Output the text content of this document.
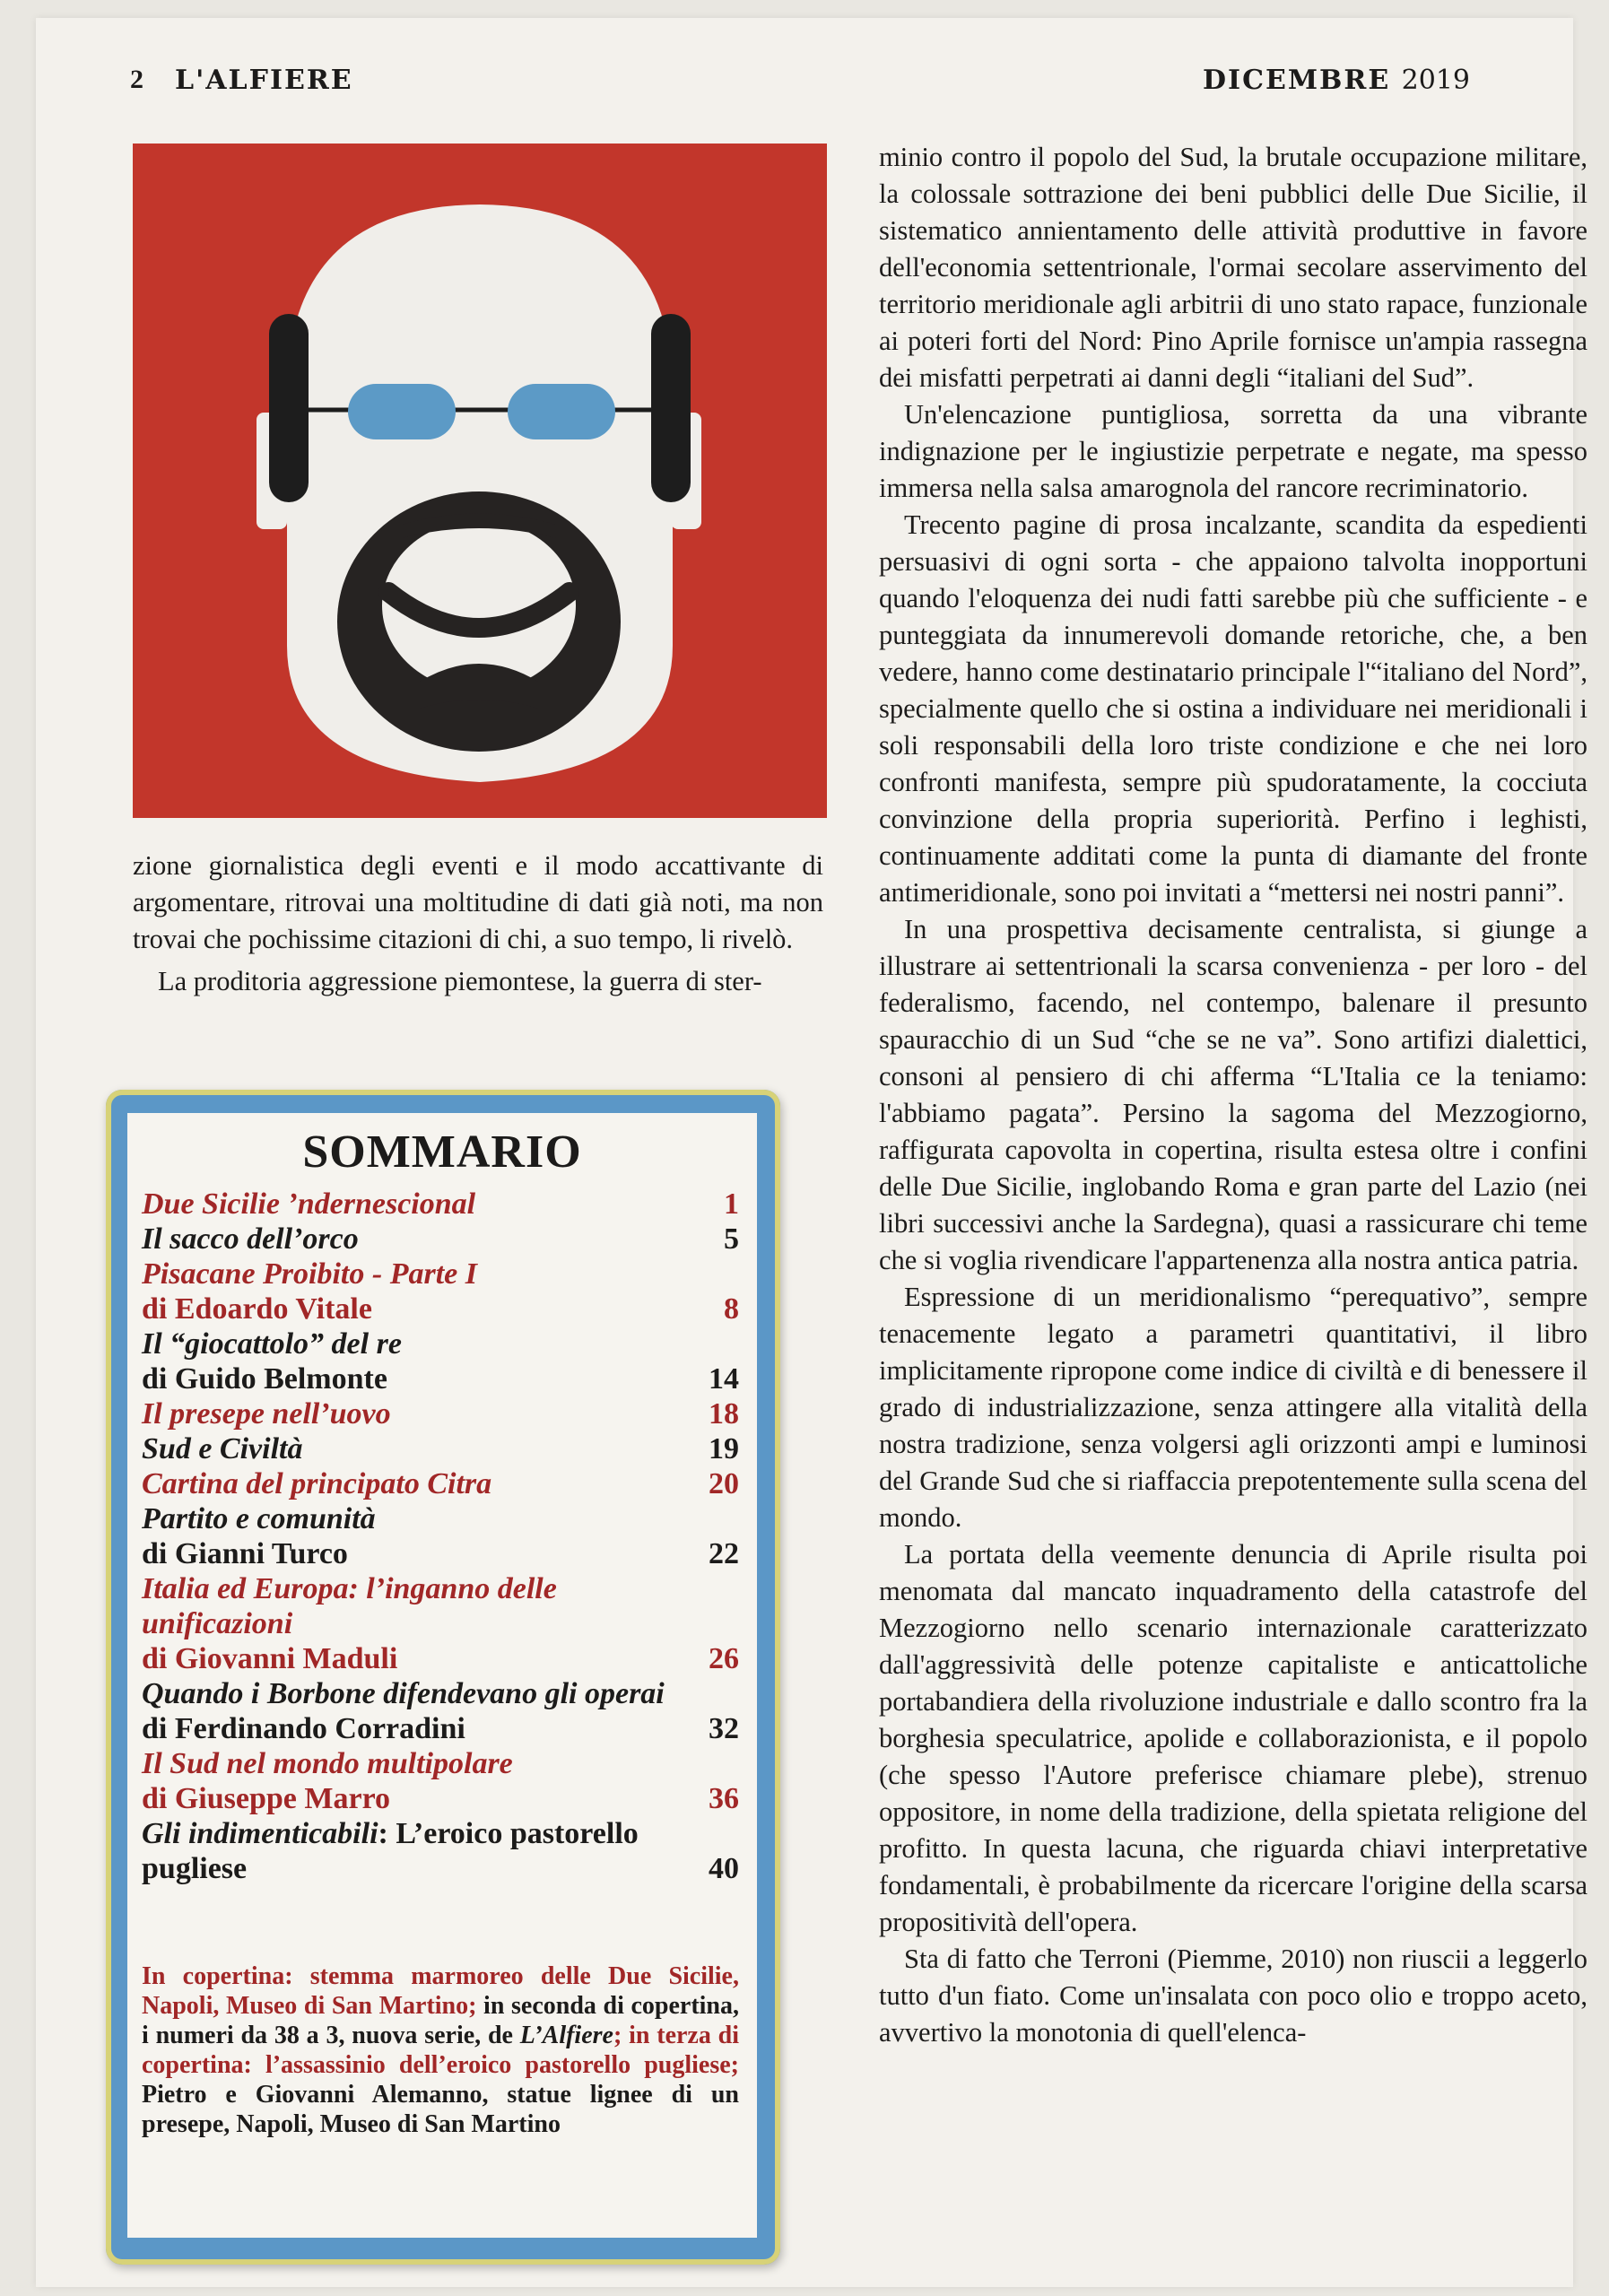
2 L'ALFIERE	DICEMBRE 2019

zione giornalistica degli eventi e il modo accattivante di argomentare, ritrovai una moltitudine di dati già noti, ma non trovai che pochissime citazioni di chi, a suo tempo, li rivelò.

La proditoria aggressione piemontese, la guerra di ster-

minio contro il popolo del Sud, la brutale occupazione militare, la colossale sottrazione dei beni pubblici delle Due Sicilie, il sistematico annientamento delle attività produttive in favore dell'economia settentrionale, l'ormai secolare asservimento del territorio meridionale agli arbitrii di uno stato rapace, funzionale ai poteri forti del Nord: Pino Aprile fornisce un'ampia rassegna dei misfatti perpetrati ai danni degli “italiani del Sud”.

Un'elencazione puntigliosa, sorretta da una vibrante indignazione per le ingiustizie perpetrate e negate, ma spesso immersa nella salsa amarognola del rancore recriminatorio.

Trecento pagine di prosa incalzante, scandita da espedienti persuasivi di ogni sorta - che appaiono talvolta inopportuni quando l'eloquenza dei nudi fatti sarebbe più che sufficiente - e punteggiata da innumerevoli domande retoriche, che, a ben vedere, hanno come destinatario principale l'“italiano del Nord”, specialmente quello che si ostina a individuare nei meridionali i soli responsabili della loro triste condizione e che nei loro confronti manifesta, sempre più spudoratamente, la cocciuta convinzione della propria superiorità. Perfino i leghisti, continuamente additati come la punta di diamante del fronte antimeridionale, sono poi invitati a “mettersi nei nostri panni”.

In una prospettiva decisamente centralista, si giunge a illustrare ai settentrionali la scarsa convenienza - per loro - del federalismo, facendo, nel contempo, balenare il presunto spauracchio di un Sud “che se ne va”. Sono artifizi dialettici, consoni al pensiero di chi afferma “L'Italia ce la teniamo: l'abbiamo pagata”. Persino la sagoma del Mezzogiorno, raffigurata capovolta in copertina, risulta estesa oltre i confini delle Due Sicilie, inglobando Roma e gran parte del Lazio (nei libri successivi anche la Sardegna), quasi a rassicurare chi teme che si voglia rivendicare l'appartenenza alla nostra antica patria.

Espressione di un meridionalismo “perequativo”, sempre tenacemente legato a parametri quantitativi, il libro implicitamente ripropone come indice di civiltà e di benessere il grado di industrializzazione, senza attingere alla vitalità della nostra tradizione, senza volgersi agli orizzonti ampi e luminosi del Grande Sud che si riaffaccia prepotentemente sulla scena del mondo.

La portata della veemente denuncia di Aprile risulta poi menomata dal mancato inquadramento della catastrofe del Mezzogiorno nello scenario internazionale caratterizzato dall'aggressività delle potenze capitaliste e anticattoliche portabandiera della rivoluzione industriale e dallo scontro fra la borghesia speculatrice, apolide e collaborazionista, e il popolo (che spesso l'Autore preferisce chiamare plebe), strenuo oppositore, in nome della tradizione, della spietata religione del profitto. In questa lacuna, che riguarda chiavi interpretative fondamentali, è probabilmente da ricercare l'origine della scarsa propositività dell'opera.

Sta di fatto che Terroni (Piemme, 2010) non riuscii a leggerlo tutto d'un fiato. Come un'insalata con poco olio e troppo aceto, avvertivo la monotonia di quell'elenca-

SOMMARIO
Due Sicilie ’ndernescional	1
Il sacco dell’orco	5
Pisacane Proibito - Parte I
di Edoardo Vitale	8
Il “giocattolo” del re
di Guido Belmonte	14
Il presepe nell’uovo	18
Sud e Civiltà	19
Cartina del principato Citra	20
Partito e comunità
di Gianni Turco	22
Italia ed Europa: l’inganno delle unificazioni
di Giovanni Maduli	26
Quando i Borbone difendevano gli operai
di Ferdinando Corradini	32
Il Sud nel mondo multipolare
di Giuseppe Marro	36
Gli indimenticabili: L’eroico pastorello pugliese	40
In copertina: stemma marmoreo delle Due Sicilie, Napoli, Museo di San Martino; in seconda di copertina, i numeri da 38 a 3, nuova serie, de L’Alfiere; in terza di copertina: l’assassinio dell’eroico pastorello pugliese; Pietro e Giovanni Alemanno, statue lignee di un presepe, Napoli, Museo di San Martino
